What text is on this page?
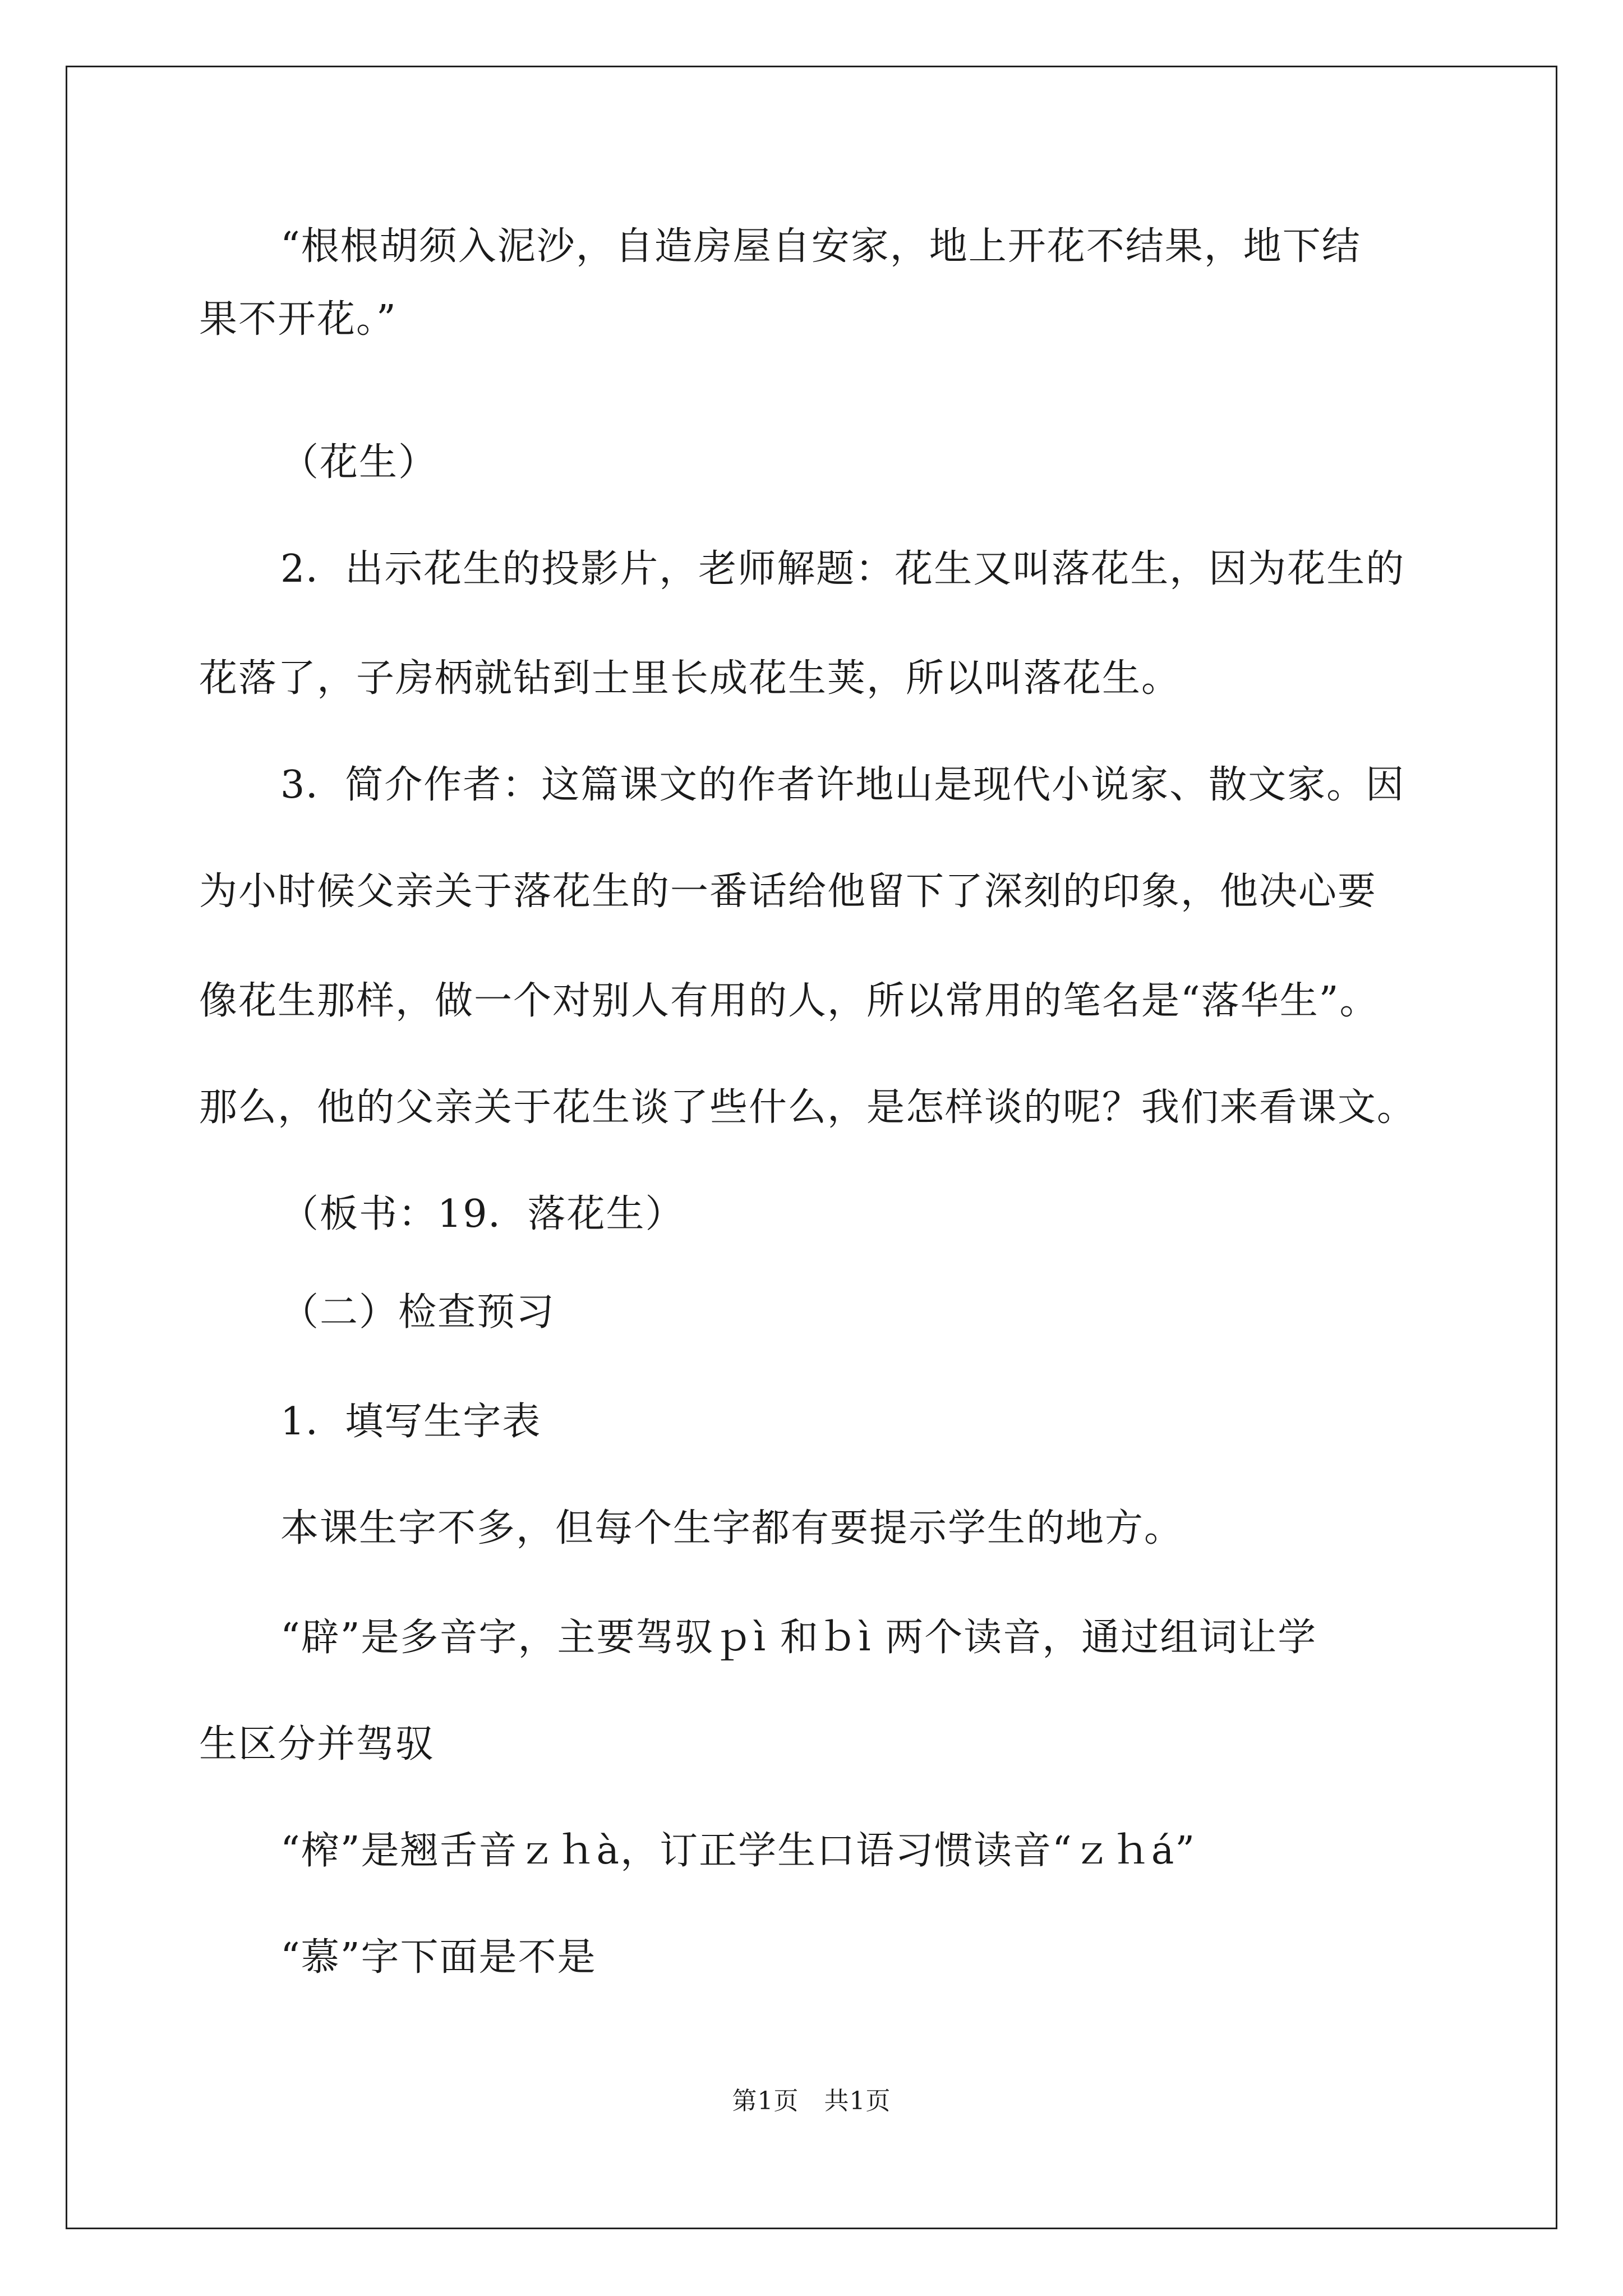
“根根胡须入泥沙，自造房屋自安家，地上开花不结果，地下结

果不开花。”

（花生）

2．出示花生的投影片，老师解题：花生又叫落花生，因为花生的

花落了，子房柄就钻到士里长成花生荚，所以叫落花生。

3．简介作者：这篇课文的作者许地山是现代小说家、散文家。因

为小时候父亲关于落花生的一番话给他留下了深刻的印象，他决心要

像花生那样，做一个对别人有用的人，所以常用的笔名是“落华生”。

那么，他的父亲关于花生谈了些什么，是怎样谈的呢？我们来看课文。

（板书：19．落花生）

（二）检查预习

1．填写生字表

本课生字不多，但每个生字都有要提示学生的地方。

“辟”是多音字，主要驾驭ｐì 和ｂì 两个读音，通过组词让学

生区分并驾驭

“榨”是翘舌音ｚｈà，订正学生口语习惯读音“ｚｈá”

“慕”字下面是不是

第1页　共1页
